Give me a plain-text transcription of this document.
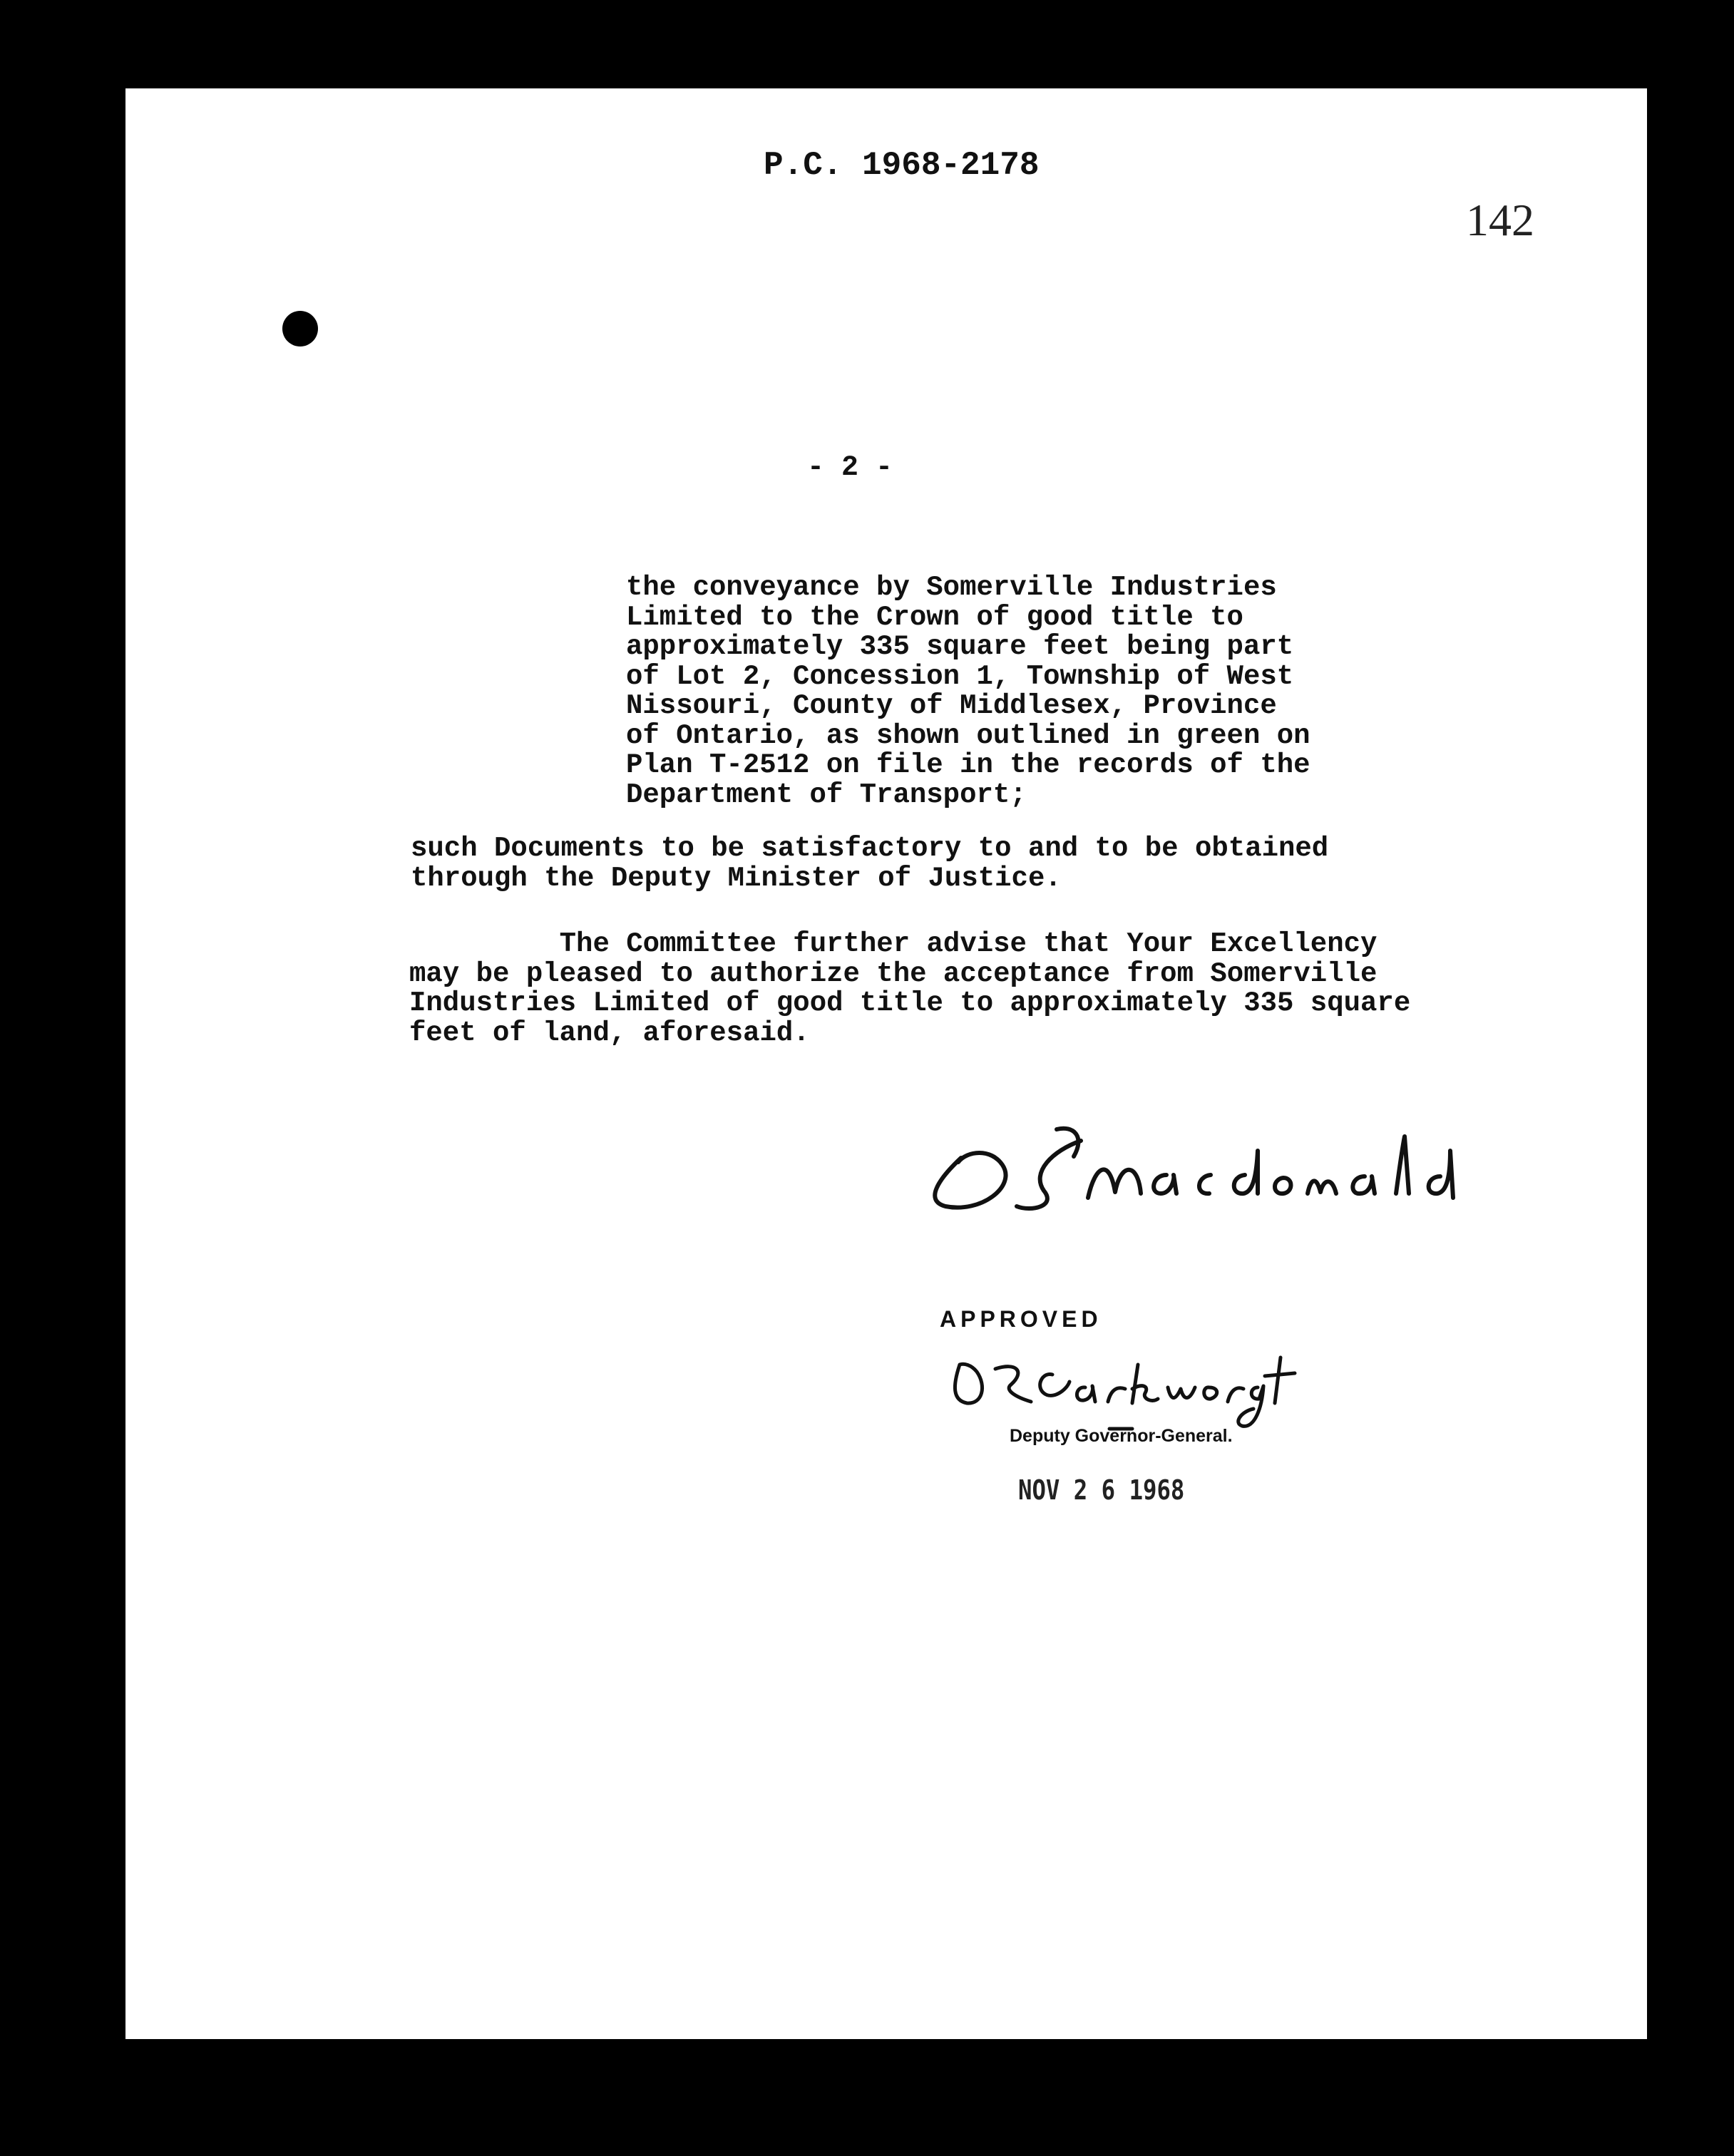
P.C. 1968-2178

142

- 2 -

the conveyance by Somerville Industries
Limited to the Crown of good title to
approximately 335 square feet being part
of Lot 2, Concession 1, Township of West
Nissouri, County of Middlesex, Province
of Ontario, as shown outlined in green on
Plan T-2512 on file in the records of the
Department of Transport;

such Documents to be satisfactory to and to be obtained
through the Deputy Minister of Justice.

The Committee further advise that Your Excellency
may be pleased to authorize the acceptance from Somerville
Industries Limited of good title to approximately 335 square
feet of land, aforesaid.

APPROVED

Deputy Governor-General.

NOV 2 6 1968
